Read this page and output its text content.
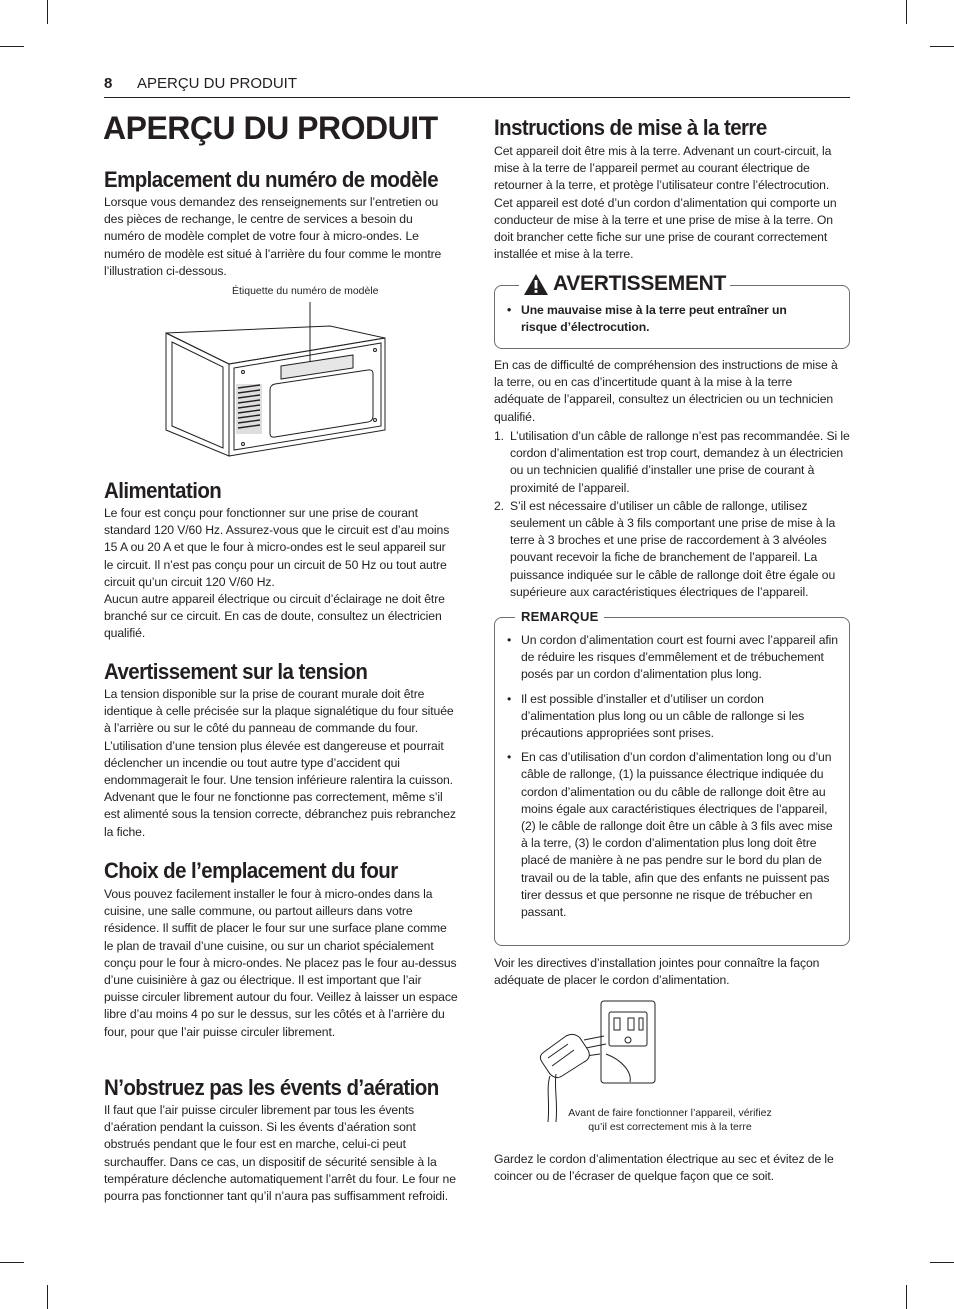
8 APERÇU DU PRODUIT
APERÇU DU PRODUIT
Emplacement du numéro de modèle

Lorsque vous demandez des renseignements sur l’entretien ou des pièces de rechange, le centre de services a besoin du numéro de modèle complet de votre four à micro-ondes. Le numéro de modèle est situé à l’arrière du four comme le montre l’illustration ci-dessous.

Étiquette du numéro de modèle
Alimentation

Le four est conçu pour fonctionner sur une prise de courant standard 120 V/60 Hz. Assurez-vous que le circuit est d’au moins 15 A ou 20 A et que le four à micro-ondes est le seul appareil sur le circuit. Il n’est pas conçu pour un circuit de 50 Hz ou tout autre circuit qu’un circuit 120 V/60 Hz.

Aucun autre appareil électrique ou circuit d’éclairage ne doit être branché sur ce circuit. En cas de doute, consultez un électricien qualifié.

Avertissement sur la tension

La tension disponible sur la prise de courant murale doit être identique à celle précisée sur la plaque signalétique du four située à l’arrière ou sur le côté du panneau de commande du four. L’utilisation d’une tension plus élevée est dangereuse et pourrait déclencher un incendie ou tout autre type d’accident qui endommagerait le four. Une tension inférieure ralentira la cuisson. Advenant que le four ne fonctionne pas correctement, même s’il est alimenté sous la tension correcte, débranchez puis rebranchez la fiche.

Choix de l’emplacement du four

Vous pouvez facilement installer le four à micro-ondes dans la cuisine, une salle commune, ou partout ailleurs dans votre résidence. Il suffit de placer le four sur une surface plane comme le plan de travail d’une cuisine, ou sur un chariot spécialement conçu pour le four à micro-ondes. Ne placez pas le four au-dessus d’une cuisinière à gaz ou électrique. Il est important que l’air puisse circuler librement autour du four. Veillez à laisser un espace libre d’au moins 4 po sur le dessus, sur les côtés et à l’arrière du four, pour que l’air puisse circuler librement.

N’obstruez pas les évents d’aération

Il faut que l’air puisse circuler librement par tous les évents d’aération pendant la cuisson. Si les évents d’aération sont obstrués pendant que le four est en marche, celui-ci peut surchauffer. Dans ce cas, un dispositif de sécurité sensible à la température déclenche automatiquement l’arrêt du four. Le four ne pourra pas fonctionner tant qu’il n’aura pas suffisamment refroidi.

Instructions de mise à la terre

Cet appareil doit être mis à la terre. Advenant un court-circuit, la mise à la terre de l’appareil permet au courant électrique de retourner à la terre, et protège l’utilisateur contre l’électrocution. Cet appareil est doté d’un cordon d’alimentation qui comporte un conducteur de mise à la terre et une prise de mise à la terre. On doit brancher cette fiche sur une prise de courant correctement installée et mise à la terre.

AVERTISSEMENT
• Une mauvaise mise à la terre peut entraîner un risque d’électrocution.

En cas de difficulté de compréhension des instructions de mise à la terre, ou en cas d’incertitude quant à la mise à la terre adéquate de l’appareil, consultez un électricien ou un technicien qualifié.

1. L’utilisation d’un câble de rallonge n’est pas recommandée. Si le cordon d’alimentation est trop court, demandez à un électricien ou un technicien qualifié d’installer une prise de courant à proximité de l’appareil.
2. S’il est nécessaire d’utiliser un câble de rallonge, utilisez seulement un câble à 3 fils comportant une prise de mise à la terre à 3 broches et une prise de raccordement à 3 alvéoles pouvant recevoir la fiche de branchement de l’appareil. La puissance indiquée sur le câble de rallonge doit être égale ou supérieure aux caractéristiques électriques de l’appareil.
REMARQUE
• Un cordon d’alimentation court est fourni avec l’appareil afin de réduire les risques d’emmêlement et de trébuchement posés par un cordon d’alimentation plus long.
• Il est possible d’installer et d’utiliser un cordon d’alimentation plus long ou un câble de rallonge si les précautions appropriées sont prises.
• En cas d’utilisation d’un cordon d’alimentation long ou d’un câble de rallonge, (1) la puissance électrique indiquée du cordon d’alimentation ou du câble de rallonge doit être au moins égale aux caractéristiques électriques de l’appareil, (2) le câble de rallonge doit être un câble à 3 fils avec mise à la terre, (3) le cordon d’alimentation plus long doit être placé de manière à ne pas pendre sur le bord du plan de travail ou de la table, afin que des enfants ne puissent pas tirer dessus et que personne ne risque de trébucher en passant.

Voir les directives d’installation jointes pour connaître la façon adéquate de placer le cordon d’alimentation.

Avant de faire fonctionner l’appareil, vérifiez
qu’il est correctement mis à la terre

Gardez le cordon d’alimentation électrique au sec et évitez de le coincer ou de l’écraser de quelque façon que ce soit.
